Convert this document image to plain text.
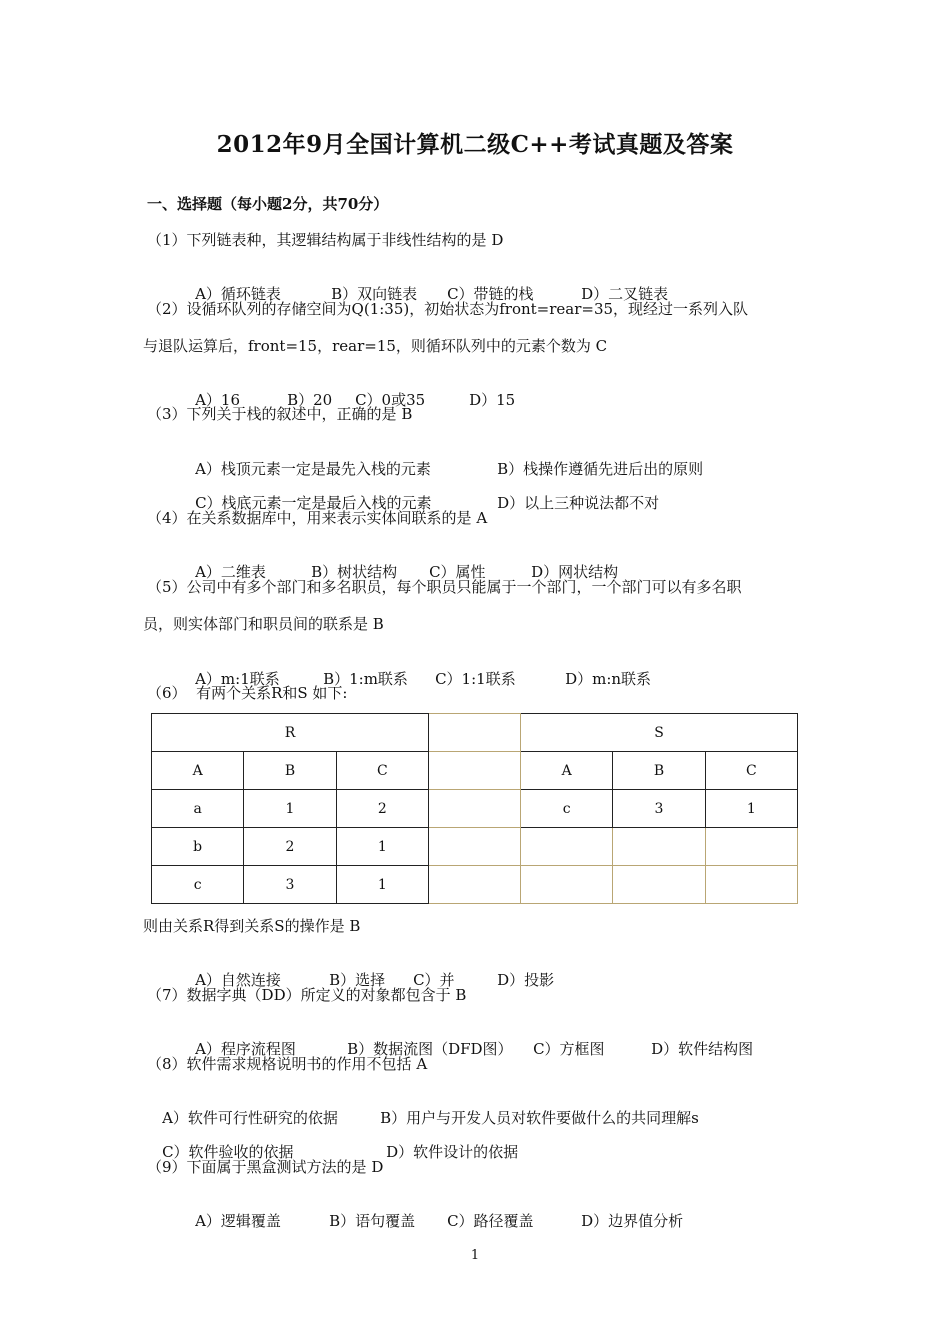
2012年9月全国计算机二级C++考试真题及答案
一、选择题（每小题2分，共70分）
（1）下列链表种，其逻辑结构属于非线性结构的是 D

A）循环链表	B）双向链表 C）带链的栈	D）二叉链表

（2）设循环队列的存储空间为Q(1:35)，初始状态为front=rear=35，现经过一系列入队
与退队运算后，front=15，rear=15，则循环队列中的元素个数为 C

A）16	B）20 C）0或35	D）15

（3）下列关于栈的叙述中，正确的是 B

A）栈顶元素一定是最先入栈的元素	B）栈操作遵循先进后出的原则

C）栈底元素一定是最后入栈的元素	D）以上三种说法都不对

（4）在关系数据库中，用来表示实体间联系的是 A

A）二维表	B）树状结构 C）属性	D）网状结构

（5）公司中有多个部门和多名职员，每个职员只能属于一个部门，一个部门可以有多名职
员，则实体部门和职员间的联系是 B

A）m:1联系	B）1:m联系 C）1:1联系	D）m:n联系

（6）  有两个关系R和S 如下:
R				S		
A	B	C		A	B	C
a	1	2		c	3	1
b	2	1				
c	3	1				
则由关系R得到关系S的操作是 B

A）自然连接	B）选择 C）并	D）投影

（7）数据字典（DD）所定义的对象都包含于 B

A）程序流程图	B）数据流图（DFD图） C）方框图	D）软件结构图

（8）软件需求规格说明书的作用不包括 A

A）软件可行性研究的依据	B）用户与开发人员对软件要做什么的共同理解s

C）软件验收的依据	D）软件设计的依据

（9）下面属于黑盒测试方法的是 D

A）逻辑覆盖	B）语句覆盖 C）路径覆盖	D）边界值分析

1
